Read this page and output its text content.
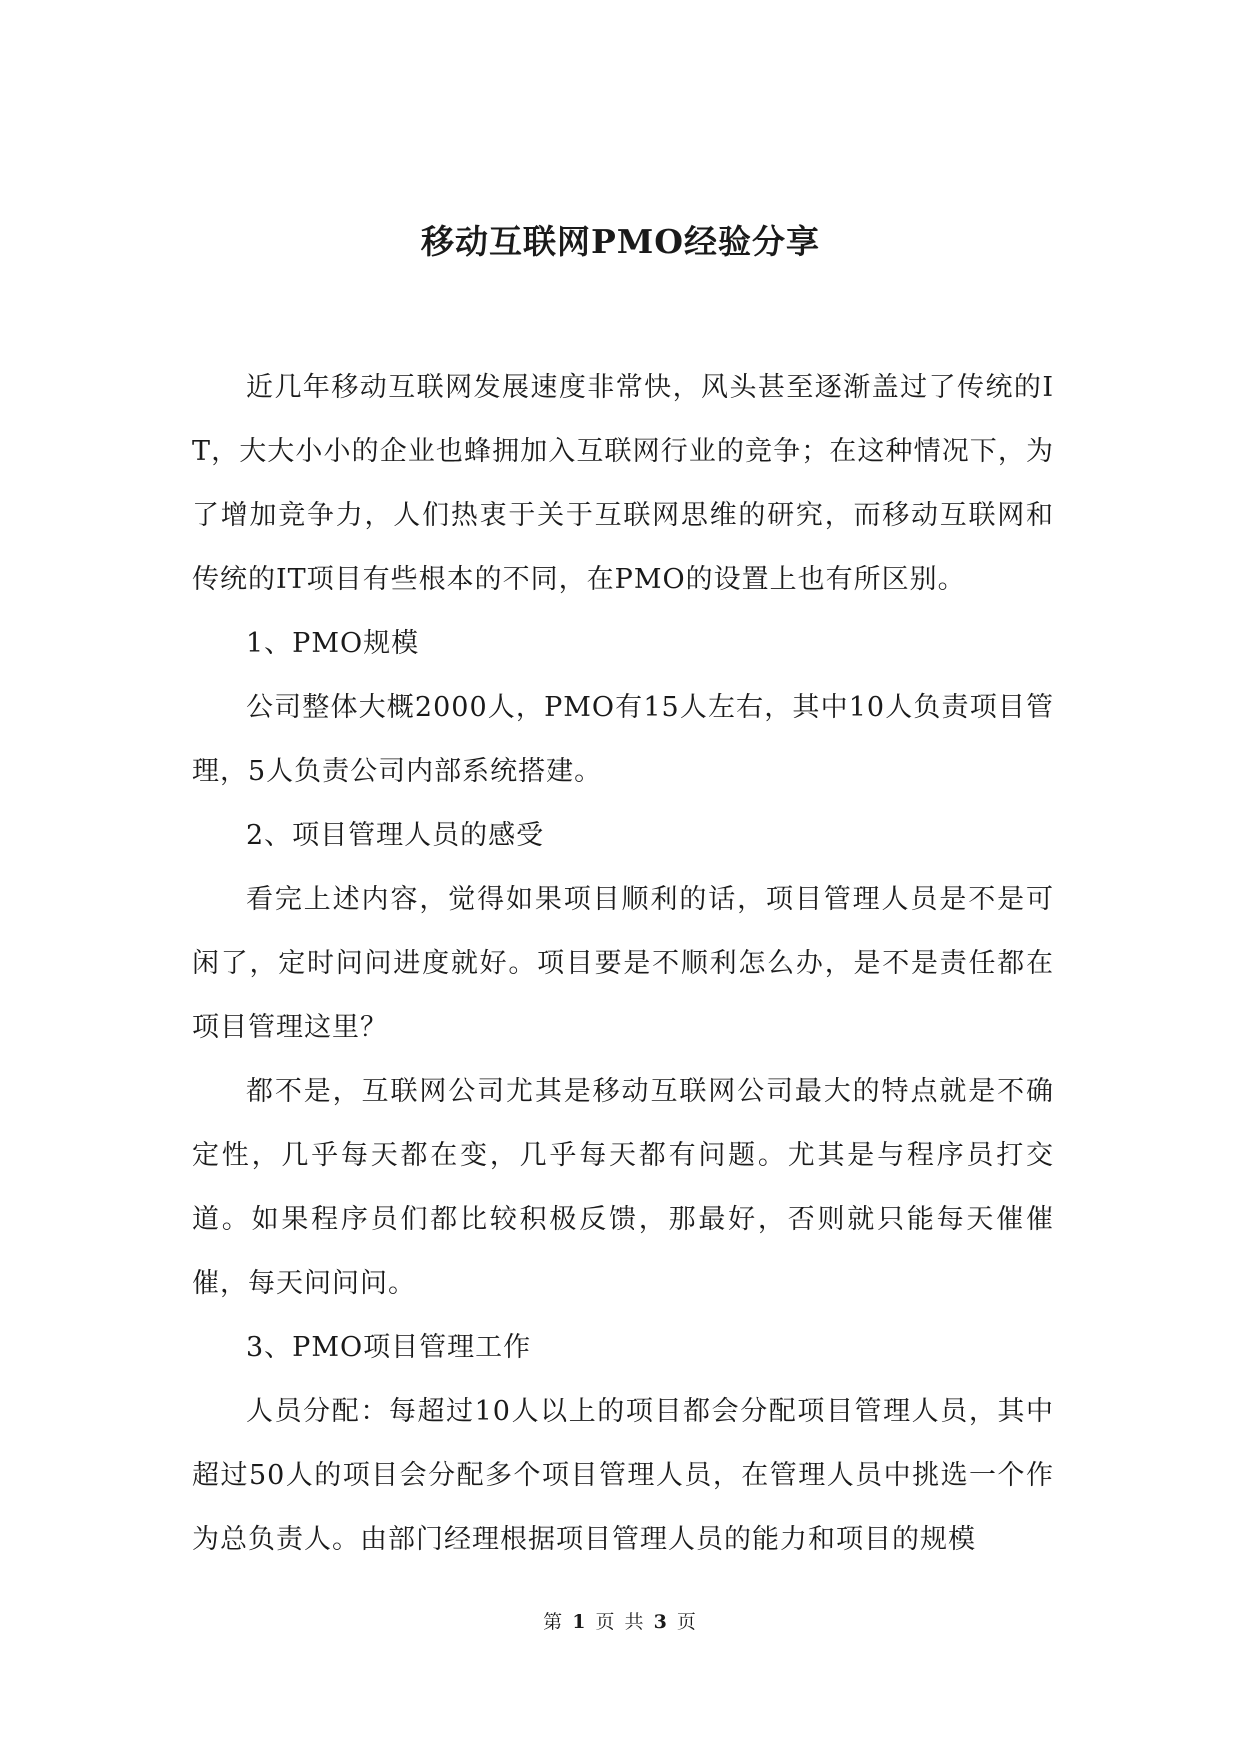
移动互联网PMO经验分享

近几年移动互联网发展速度非常快，风头甚至逐渐盖过了传统的IT，大大小小的企业也蜂拥加入互联网行业的竞争；在这种情况下，为了增加竞争力，人们热衷于关于互联网思维的研究，而移动互联网和传统的IT项目有些根本的不同，在PMO的设置上也有所区别。

1、PMO规模

公司整体大概2000人，PMO有15人左右，其中10人负责项目管理，5人负责公司内部系统搭建。

2、项目管理人员的感受

看完上述内容，觉得如果项目顺利的话，项目管理人员是不是可闲了，定时问问进度就好。项目要是不顺利怎么办，是不是责任都在项目管理这里？

都不是，互联网公司尤其是移动互联网公司最大的特点就是不确定性，几乎每天都在变，几乎每天都有问题。尤其是与程序员打交道。如果程序员们都比较积极反馈，那最好，否则就只能每天催催催，每天问问问。

3、PMO项目管理工作

人员分配：每超过10人以上的项目都会分配项目管理人员，其中超过50人的项目会分配多个项目管理人员，在管理人员中挑选一个作为总负责人。由部门经理根据项目管理人员的能力和项目的规模

第 1 页 共 3 页
